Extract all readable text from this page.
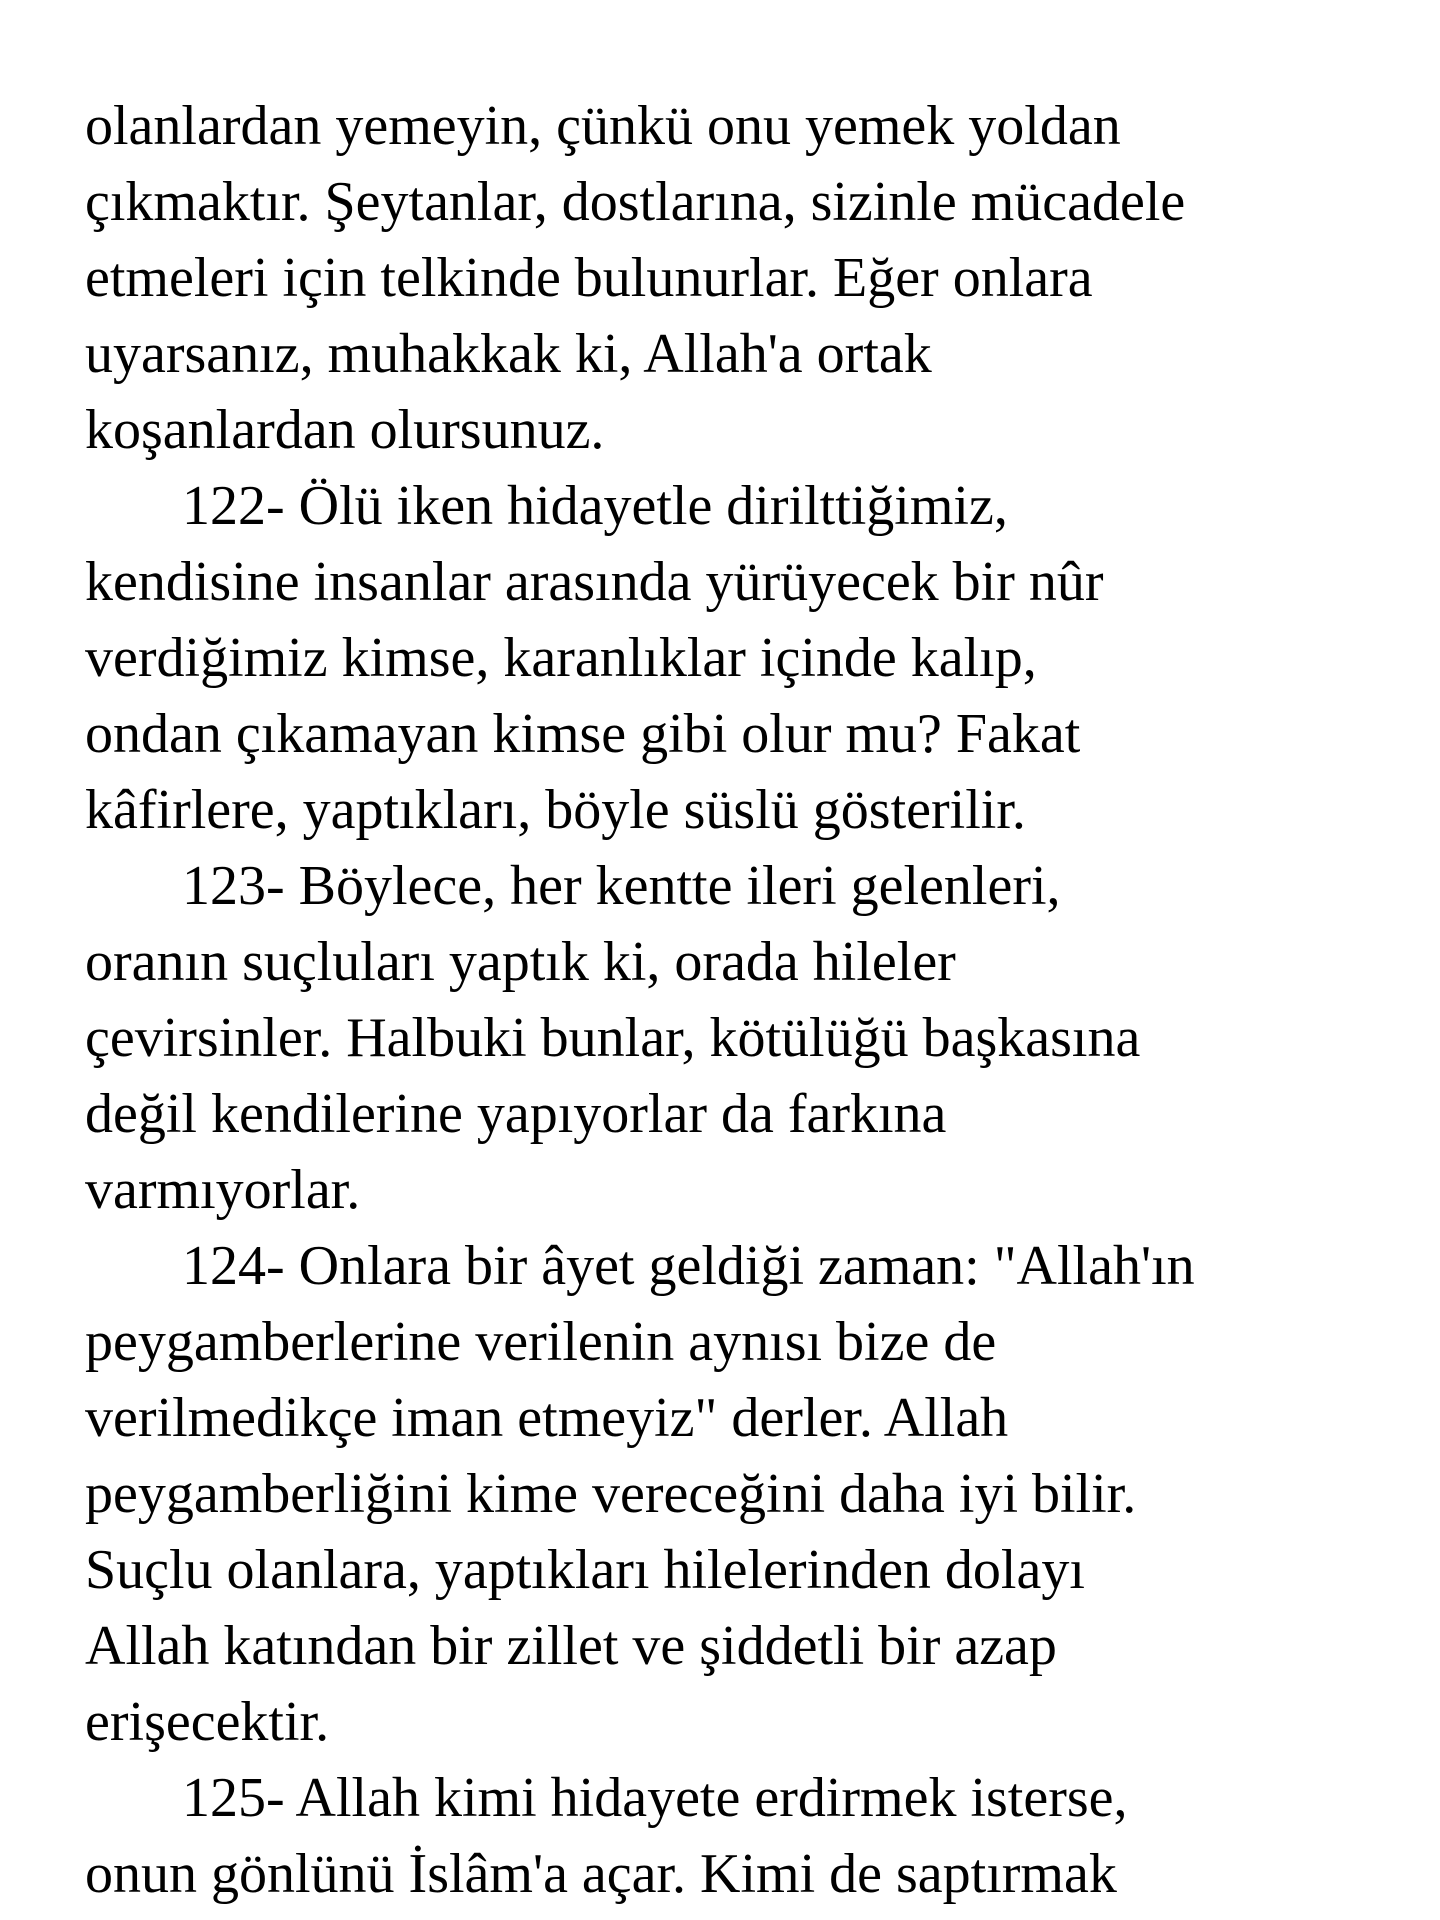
olanlardan yemeyin, çünkü onu yemek yoldan
çıkmaktır. Şeytanlar, dostlarına, sizinle mücadele
etmeleri için telkinde bulunurlar. Eğer onlara
uyarsanız, muhakkak ki, Allah'a ortak
koşanlardan olursunuz.
122- Ölü iken hidayetle dirilttiğimiz,
kendisine insanlar arasında yürüyecek bir nûr
verdiğimiz kimse, karanlıklar içinde kalıp,
ondan çıkamayan kimse gibi olur mu? Fakat
kâfirlere, yaptıkları, böyle süslü gösterilir.
123- Böylece, her kentte ileri gelenleri,
oranın suçluları yaptık ki, orada hileler
çevirsinler. Halbuki bunlar, kötülüğü başkasına
değil kendilerine yapıyorlar da farkına
varmıyorlar.
124- Onlara bir âyet geldiği zaman: "Allah'ın
peygamberlerine verilenin aynısı bize de
verilmedikçe iman etmeyiz" derler. Allah
peygamberliğini kime vereceğini daha iyi bilir.
Suçlu olanlara, yaptıkları hilelerinden dolayı
Allah katından bir zillet ve şiddetli bir azap
erişecektir.
125- Allah kimi hidayete erdirmek isterse,
onun gönlünü İslâm'a açar. Kimi de saptırmak
